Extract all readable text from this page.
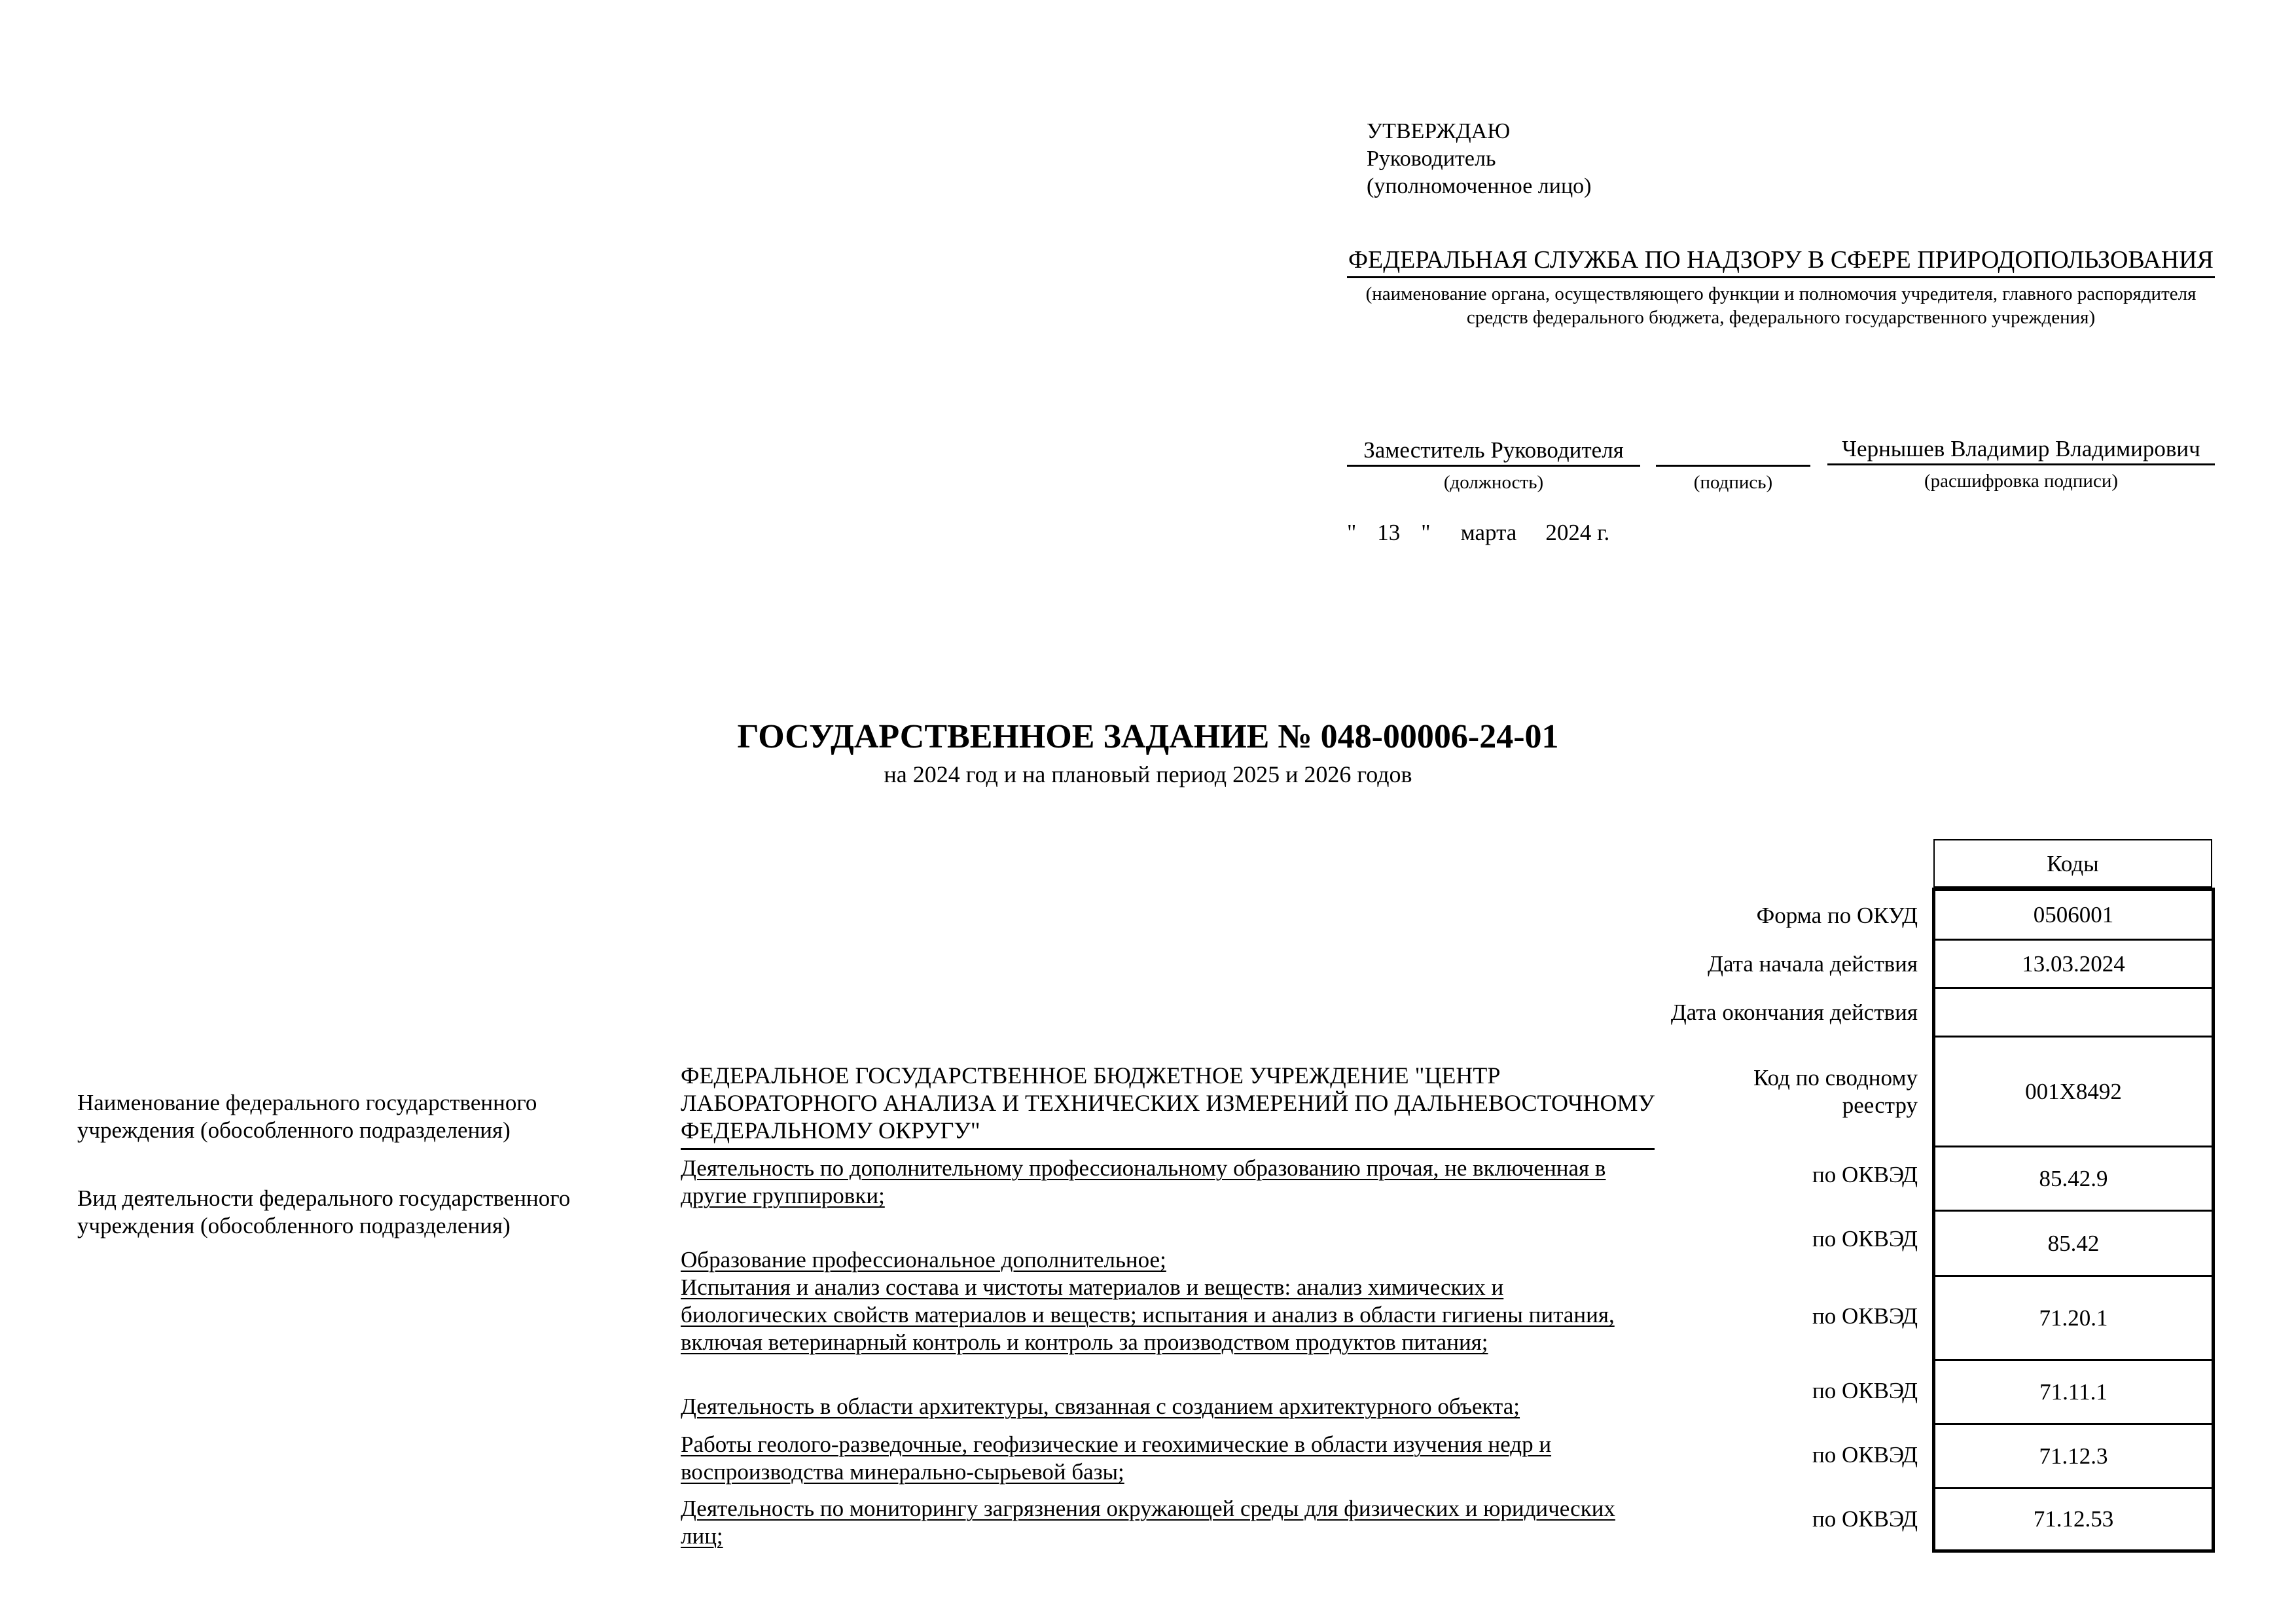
УТВЕРЖДАЮ
Руководитель
(уполномоченное лицо)
ФЕДЕРАЛЬНАЯ СЛУЖБА ПО НАДЗОРУ В СФЕРЕ ПРИРОДОПОЛЬЗОВАНИЯ
(наименование органа, осуществляющего функции и полномочия учредителя, главного распорядителя средств федерального бюджета, федерального государственного учреждения)
Заместитель Руководителя
(должность)	(подпись)
Чернышев Владимир Владимирович
(расшифровка подписи)
" 13 " марта 2024 г.
ГОСУДАРСТВЕННОЕ ЗАДАНИЕ № 048-00006-24-01
на 2024 год и на плановый период 2025 и 2026 годов
Коды
Форма по ОКУД
Дата начала действия
Дата окончания действия
Код по сводному реестру
по ОКВЭД
по ОКВЭД
по ОКВЭД
по ОКВЭД
по ОКВЭД
по ОКВЭД
0506001
13.03.2024
001Х8492
85.42.9
85.42
71.20.1
71.11.1
71.12.3
71.12.53
Наименование федерального государственного учреждения (обособленного подразделения)
Вид деятельности федерального государственного учреждения (обособленного подразделения)
ФЕДЕРАЛЬНОЕ ГОСУДАРСТВЕННОЕ БЮДЖЕТНОЕ УЧРЕЖДЕНИЕ "ЦЕНТР ЛАБОРАТОРНОГО АНАЛИЗА И ТЕХНИЧЕСКИХ ИЗМЕРЕНИЙ ПО ДАЛЬНЕВОСТОЧНОМУ ФЕДЕРАЛЬНОМУ ОКРУГУ"
Деятельность по дополнительному профессиональному образованию прочая, не включенная в другие группировки;
Образование профессиональное дополнительное;
Испытания и анализ состава и чистоты материалов и веществ: анализ химических и биологических свойств материалов и веществ; испытания и анализ в области гигиены питания, включая ветеринарный контроль и контроль за производством продуктов питания;
Деятельность в области архитектуры, связанная с созданием архитектурного объекта;
Работы геолого-разведочные, геофизические и геохимические в области изучения недр и воспроизводства минерально-сырьевой базы;
Деятельность по мониторингу загрязнения окружающей среды для физических и юридических лиц;
